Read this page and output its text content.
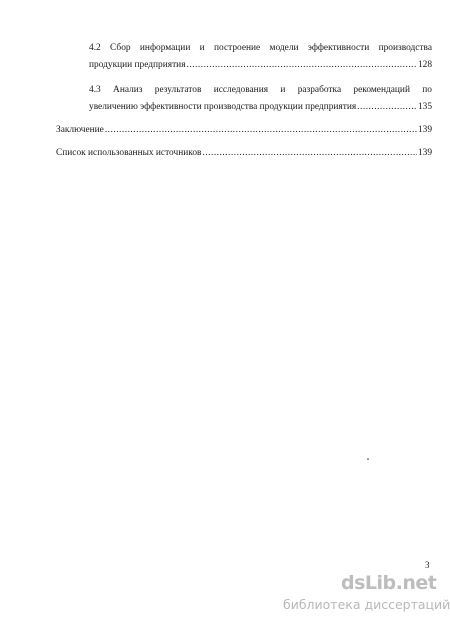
4.2 Сбор информации и построение модели эффективности производства
продукции предприятия .....	128
4.3 Анализ результатов исследования и разработка рекомендаций по
увеличению эффективности производства продукции предприятия .....	135
Заключение .....	139
Список использованных источников .....	139
3
dsLib.net
библиотека диссертаций
